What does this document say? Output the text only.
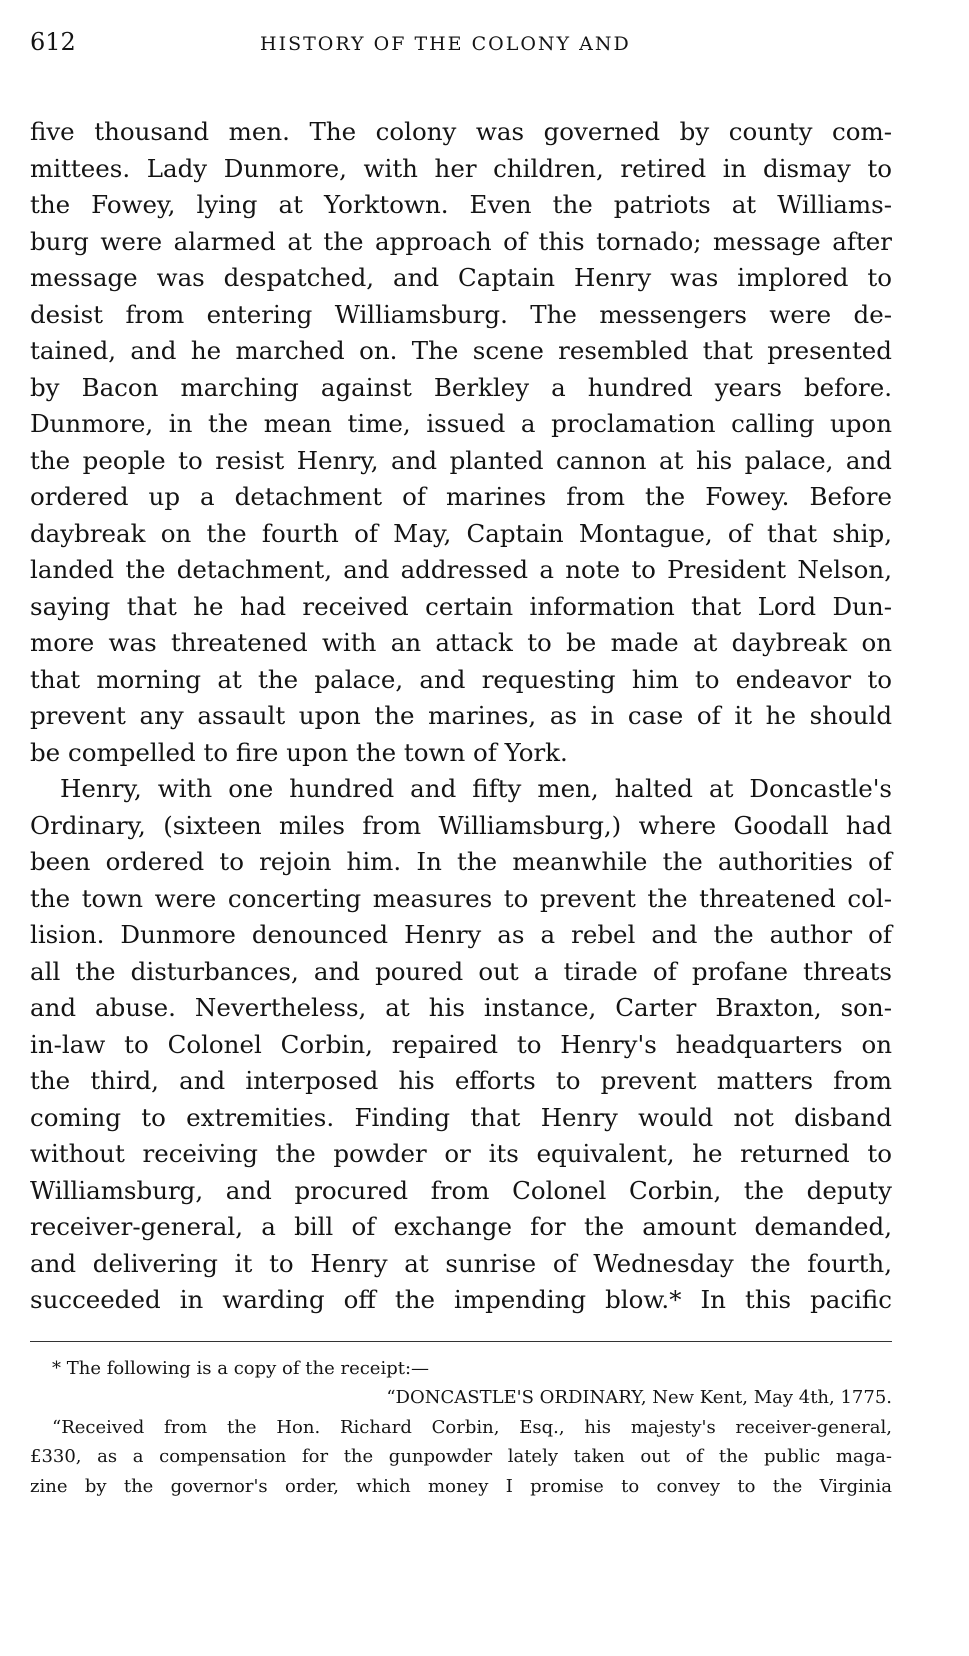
612	HISTORY OF THE COLONY AND
five thousand men. The colony was governed by county com-
mittees. Lady Dunmore, with her children, retired in dismay to
the Fowey, lying at Yorktown. Even the patriots at Williams-
burg were alarmed at the approach of this tornado; message after
message was despatched, and Captain Henry was implored to
desist from entering Williamsburg. The messengers were de-
tained, and he marched on. The scene resembled that presented
by Bacon marching against Berkley a hundred years before.
Dunmore, in the mean time, issued a proclamation calling upon
the people to resist Henry, and planted cannon at his palace, and
ordered up a detachment of marines from the Fowey. Before
daybreak on the fourth of May, Captain Montague, of that ship,
landed the detachment, and addressed a note to President Nelson,
saying that he had received certain information that Lord Dun-
more was threatened with an attack to be made at daybreak on
that morning at the palace, and requesting him to endeavor to
prevent any assault upon the marines, as in case of it he should
be compelled to fire upon the town of York.
Henry, with one hundred and fifty men, halted at Doncastle's
Ordinary, (sixteen miles from Williamsburg,) where Goodall had
been ordered to rejoin him. In the meanwhile the authorities of
the town were concerting measures to prevent the threatened col-
lision. Dunmore denounced Henry as a rebel and the author of
all the disturbances, and poured out a tirade of profane threats
and abuse. Nevertheless, at his instance, Carter Braxton, son-
in-law to Colonel Corbin, repaired to Henry's headquarters on
the third, and interposed his efforts to prevent matters from
coming to extremities. Finding that Henry would not disband
without receiving the powder or its equivalent, he returned to
Williamsburg, and procured from Colonel Corbin, the deputy
receiver-general, a bill of exchange for the amount demanded,
and delivering it to Henry at sunrise of Wednesday the fourth,
succeeded in warding off the impending blow.* In this pacific
* The following is a copy of the receipt:—
“DONCASTLE'S ORDINARY, New Kent, May 4th, 1775.
“Received from the Hon. Richard Corbin, Esq., his majesty's receiver-general,
£330, as a compensation for the gunpowder lately taken out of the public maga-
zine by the governor's order, which money I promise to convey to the Virginia
